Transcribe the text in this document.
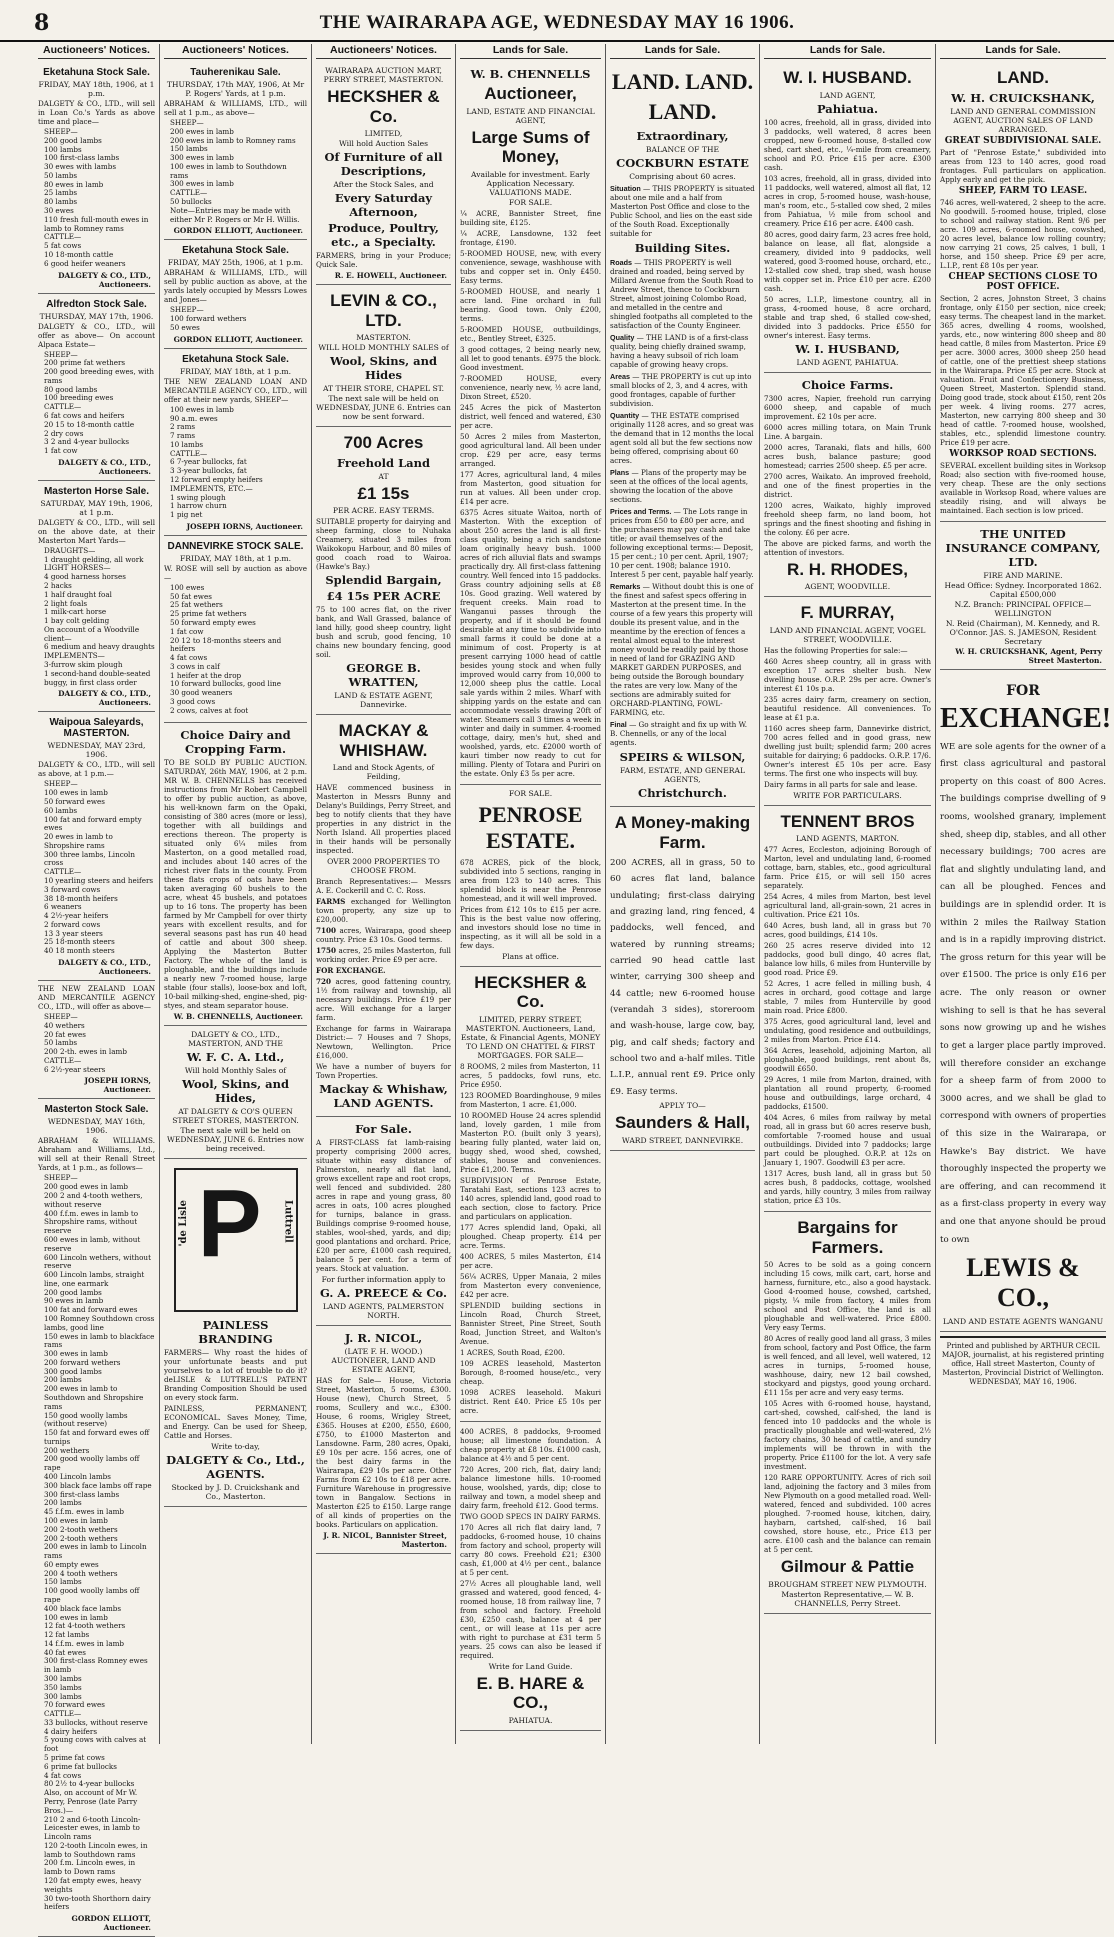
8	THE WAIRARAPA AGE, WEDNESDAY MAY 16 1906.
Auctioneers' Notices.
Eketahuna Stock Sale.
FRIDAY, MAY 18th, 1906, at 1 p.m.
DALGETY & CO., LTD., will sell in Loan Co.'s Yards as above time and place—
SHEEP—
200 good lambs
100 lambs
100 first-class lambs
30 ewes with lambs
50 lambs
80 ewes in lamb
25 lambs
80 lambs
30 ewes
110 fresh full-mouth ewes in lamb to Romney rams
CATTLE—
5 fat cows
10 18-month cattle
6 good heifer weaners
DALGETY & CO., LTD., Auctioneers.
Alfredton Stock Sale.
THURSDAY, MAY 17th, 1906.
DALGETY & CO., LTD., will offer as above— On account Alpaca Estate—
SHEEP—
200 prime fat wethers
200 good breeding ewes, with rams
80 good lambs
100 breeding ewes
CATTLE—
6 fat cows and heifers
20 15 to 18-month cattle
2 dry cows
3 2 and 4-year bullocks
1 fat cow
DALGETY & CO., LTD., Auctioneers.
Masterton Horse Sale.
SATURDAY, MAY 19th, 1906, at 1 p.m.
DALGETY & CO., LTD., will sell on the above date, at their Masterton Mart Yards—
DRAUGHTS—
1 draught gelding, all work
LIGHT HORSES—
4 good harness horses
2 hacks
1 half draught foal
2 light foals
1 milk-cart horse
1 bay colt gelding
On account of a Woodville client—
6 medium and heavy draughts
IMPLEMENTS—
3-furrow skim plough
1 second-hand double-seated buggy, in first class order
DALGETY & CO., LTD., Auctioneers.
Waipoua Saleyards, MASTERTON.
WEDNESDAY, MAY 23rd, 1906.
DALGETY & CO., LTD., will sell as above, at 1 p.m.—
SHEEP—
100 ewes in lamb
50 forward ewes
60 lambs
100 fat and forward empty ewes
20 ewes in lamb to Shropshire rams
300 three lambs, Lincoln cross
CATTLE—
10 yearling steers and heifers
3 forward cows
38 18-month heifers
6 weaners
4 2½-year heifers
2 forward cows
13 3 year steers
25 18-month steers
40 18 month steers
DALGETY & CO., LTD., Auctioneers.
THE NEW ZEALAND LOAN AND MERCANTILE AGENCY CO., LTD., will offer as above—
SHEEP—
40 wethers
20 fat ewes
50 lambs
200 2-th. ewes in lamb
CATTLE—
6 2½-year steers
JOSEPH IORNS, Auctioneer.
Masterton Stock Sale.
WEDNESDAY, MAY 16th, 1906.
ABRAHAM & WILLIAMS. Abraham and Williams, Ltd., will sell at their Renall Street Yards, at 1 p.m., as follows—
SHEEP—
200 good ewes in lamb
200 2 and 4-tooth wethers, without reserve
400 f.f.m. ewes in lamb to Shropshire rams, without reserve
600 ewes in lamb, without reserve
600 Lincoln wethers, without reserve
600 Lincoln lambs, straight line, one earmark
200 good lambs
90 ewes in lamb
100 fat and forward ewes
100 Romney Southdown cross lambs, good line
150 ewes in lamb to blackface rams
300 ewes in lamb
200 forward wethers
300 good lambs
200 lambs
200 ewes in lamb to Southdown and Shropshire rams
150 good woolly lambs (without reserve)
150 fat and forward ewes off turnips
200 wethers
200 good woolly lambs off rape
400 Lincoln lambs
300 black face lambs off rape
300 first-class lambs
200 lambs
45 f.f.m. ewes in lamb
100 ewes in lamb
200 2-tooth wethers
200 2-tooth wethers
200 ewes in lamb to Lincoln rams
60 empty ewes
200 4 tooth wethers
150 lambs
100 good woolly lambs off rape
400 black face lambs
100 ewes in lamb
12 fat 4-tooth wethers
12 fat lambs
14 f.f.m. ewes in lamb
40 fat ewes
300 first-class Romney ewes in lamb
300 lambs
350 lambs
300 lambs
70 forward ewes
CATTLE—
33 bullocks, without reserve
4 dairy heifers
5 young cows with calves at foot
5 prime fat cows
6 prime fat bullocks
4 fat cows
80 2½ to 4-year bullocks
Also, on account of Mr W. Perry, Penrose (late Parry Bros.)—
210 2 and 6-tooth Lincoln-Leicester ewes, in lamb to Lincoln rams
120 2-tooth Lincoln ewes, in lamb to Southdown rams
200 f.m. Lincoln ewes, in lamb to Down rams
120 fat empty ewes, heavy weights
30 two-tooth Shorthorn dairy heifers
GORDON ELLIOTT, Auctioneer.
Auctioneers' Notices.
Tauherenikau Sale.
THURSDAY, 17th MAY, 1906, At Mr P. Rogers' Yards, at 1 p.m.
ABRAHAM & WILLIAMS, LTD., will sell at 1 p.m., as above—
SHEEP—
200 ewes in lamb
200 ewes in lamb to Romney rams
150 lambs
300 ewes in lamb
100 ewes in lamb to Southdown rams
300 ewes in lamb
CATTLE—
50 bullocks
Note—Entries may be made with either Mr P. Rogers or Mr H. Willis.
GORDON ELLIOTT, Auctioneer.
Eketahuna Stock Sale.
FRIDAY, MAY 25th, 1906, at 1 p.m.
ABRAHAM & WILLIAMS, LTD., will sell by public auction as above, at the yards lately occupied by Messrs Lowes and Jones—
SHEEP—
100 forward wethers
50 ewes
GORDON ELLIOTT, Auctioneer.
Eketahuna Stock Sale.
FRIDAY, MAY 18th, at 1 p.m.
THE NEW ZEALAND LOAN AND MERCANTILE AGENCY CO., LTD., will offer at their new yards, SHEEP—
100 ewes in lamb
90 a.m. ewes
2 rams
7 rams
10 lambs
CATTLE—
6 7-year bullocks, fat
3 3-year bullocks, fat
12 forward empty heifers
IMPLEMENTS, ETC.—
1 swing plough
1 harrow churn
1 pig net
JOSEPH IORNS, Auctioneer.
DANNEVIRKE STOCK SALE.
FRIDAY, MAY 18th, at 1 p.m.
W. ROSE will sell by auction as above—
100 ewes
50 fat ewes
25 fat wethers
25 prime fat wethers
50 forward empty ewes
1 fat cow
20 12 to 18-months steers and heifers
4 fat cows
3 cows in calf
1 heifer at the drop
10 forward bullocks, good line
30 good weaners
3 good cows
2 cows, calves at foot
Choice Dairy and Cropping Farm.
TO BE SOLD BY PUBLIC AUCTION. SATURDAY, 26th MAY, 1906, at 2 p.m. MR W. B. CHENNELLS has received instructions from Mr Robert Campbell to offer by public auction, as above, his well-known farm on the Opaki, consisting of 380 acres (more or less), together with all buildings and erections thereon. The property is situated only 6¼ miles from Masterton, on a good metalled road, and includes about 140 acres of the richest river flats in the county. From these flats crops of oats have been taken averaging 60 bushels to the acre, wheat 45 bushels, and potatoes up to 16 tons. The property has been farmed by Mr Campbell for over thirty years with excellent results, and for several seasons past has run 40 head of cattle and about 300 sheep. Applying the Masterton Butter Factory. The whole of the land is ploughable, and the buildings include a nearly new 7-roomed house, large stable (four stalls), loose-box and loft, 10-bail milking-shed, engine-shed, pig-styes, and steam separator house.
W. B. CHENNELLS, Auctioneer.
DALGETY & CO., LTD., MASTERTON, AND THE
W. F. C. A. Ltd.,
Will hold Monthly Sales of
Wool, Skins, and Hides,
AT DALGETY & CO'S QUEEN STREET STORES, MASTERTON.
The next sale will be held on WEDNESDAY, JUNE 6. Entries now being received.
'de Lisle P Luttrell
PAINLESS BRANDING
FARMERS— Why roast the hides of your unfortunate beasts and put yourselves to a lot of trouble to do it? deLISLE & LUTTRELL'S PATENT Branding Composition Should be used on every stock farm.
PAINLESS, PERMANENT, ECONOMICAL. Saves Money, Time, and Energy. Can be used for Sheep, Cattle and Horses.
Write to-day,
DALGETY & Co., Ltd., AGENTS.
Stocked by J. D. Cruickshank and Co., Masterton.
Auctioneers' Notices.
WAIRARAPA AUCTION MART, PERRY STREET, MASTERTON.
HECKSHER & Co.
LIMITED,
Will hold Auction Sales
Of Furniture of all Descriptions,
After the Stock Sales, and
Every Saturday Afternoon,
Produce, Poultry, etc., a Specialty.
FARMERS, bring in your Produce; Quick Sale.
R. E. HOWELL, Auctioneer.
LEVIN & CO., LTD.
MASTERTON.
WILL HOLD MONTHLY SALES of
Wool, Skins, and Hides
AT THEIR STORE, CHAPEL ST.
The next sale will be held on WEDNESDAY, JUNE 6. Entries can now be sent forward.
700 Acres
Freehold Land
AT
£1 15s
PER ACRE. EASY TERMS.
SUITABLE property for dairying and sheep farming, close to Nuhaka Creamery, situated 3 miles from Waikokopu Harbour, and 80 miles of good coach road to Wairoa. (Hawke's Bay.)
Splendid Bargain,
£4 15s PER ACRE
75 to 100 acres flat, on the river bank, and Wall Grassed, balance of land hilly, good sheep country, light bush and scrub, good fencing, 10 chains new boundary fencing, good soil.
GEORGE B. WRATTEN,
LAND & ESTATE AGENT, Dannevirke.
MACKAY & WHISHAW.
Land and Stock Agents, of Feilding,
HAVE commenced business in Masterton in Messrs Bunny and Delany's Buildings, Perry Street, and beg to notify clients that they have properties in any district in the North Island. All properties placed in their hands will be personally inspected.
OVER 2000 PROPERTIES TO CHOOSE FROM.
Branch Representatives:— Messrs A. E. Cockerill and C. C. Ross.
FARMS exchanged for Wellington town property, any size up to £20,000.
7100 acres, Wairarapa, good sheep country. Price £3 10s. Good terms.
1750 acres, 25 miles Masterton, full working order. Price £9 per acre.
FOR EXCHANGE.
720 acres, good fattening country, 1½ from railway and township, all necessary buildings. Price £19 per acre. Will exchange for a larger farm.
Exchange for farms in Wairarapa District:— 7 Houses and 7 Shops, Newtown, Wellington. Price £16,000.
We have a number of buyers for Town Properties.
Mackay & Whishaw, LAND AGENTS.
For Sale.
A FIRST-CLASS fat lamb-raising property comprising 2000 acres, situate within easy distance of Palmerston, nearly all flat land, grows excellent rape and root crops, well fenced and subdivided. 280 acres in rape and young grass, 80 acres in oats, 100 acres ploughed for turnips, balance in grass. Buildings comprise 9-roomed house, stables, wool-shed, yards, and dip; good plantations and orchard. Price, £20 per acre, £1000 cash required, balance 5 per cent. for a term of years. Stock at valuation.
For further information apply to
G. A. PREECE & Co.
LAND AGENTS, PALMERSTON NORTH.
J. R. NICOL,
(LATE F. H. WOOD.) AUCTIONEER, LAND AND ESTATE AGENT,
HAS for Sale— House, Victoria Street, Masterton, 5 rooms, £300. House (new), Church Street, 5 rooms, Scullery and w.c., £300. House, 6 rooms, Wrigley Street, £365. Houses at £200, £550, £600, £750, to £1000 Masterton and Lansdowne. Farm, 280 acres, Opaki, £9 10s per acre. 156 acres, one of the best dairy farms in the Wairarapa, £29 10s per acre. Other Farms from £2 10s to £18 per acre. Furniture Warehouse in progressive town in Bangalow. Sections in Masterton £25 to £150. Large range of all kinds of properties on the books. Particulars on application.
J. R. NICOL, Bannister Street, Masterton.
Lands for Sale.
W. B. CHENNELLS
Auctioneer,
LAND, ESTATE AND FINANCIAL AGENT,
Large Sums of Money,
Available for investment. Early Application Necessary. VALUATIONS MADE.
FOR SALE.
¼ ACRE, Bannister Street, fine building site, £125.
¼ ACRE, Lansdowne, 132 feet frontage, £190.
5-ROOMED HOUSE, new, with every convenience, sewage, washhouse with tubs and copper set in. Only £450. Easy terms.
5-ROOMED HOUSE, and nearly 1 acre land. Fine orchard in full bearing. Good town. Only £200, terms.
5-ROOMED HOUSE, outbuildings, etc., Bentley Street, £325.
3 good cottages, 2 being nearly new, all let to good tenants. £975 the block. Good investment.
7-ROOMED HOUSE, every convenience, nearly new, ½ acre land, Dixon Street, £520.
245 Acres the pick of Masterton district, well fenced and watered, £30 per acre.
50 Acres 2 miles from Masterton, good agricultural land. All been under crop. £29 per acre, easy terms arranged.
177 Acres, agricultural land, 4 miles from Masterton, good situation for run at values. All been under crop. £14 per acre.
6375 Acres situate Waitoa, north of Masterton. With the exception of about 250 acres the land is all first-class quality, being a rich sandstone loam originally heavy bush. 1000 acres of rich alluvial flats and swamps practically dry. All first-class fattening country. Well fenced into 15 paddocks. Grass country adjoining sells at £8 10s. Good grazing. Well watered by frequent creeks. Main road to Wanganui passes through the property, and if it should be found desirable at any time to subdivide into small farms it could be done at a minimum of cost. Property is at present carrying 1000 head of cattle besides young stock and when fully improved would carry from 10,000 to 12,000 sheep plus the cattle. Local sale yards within 2 miles. Wharf with shipping yards on the estate and can accommodate vessels drawing 20ft of water. Steamers call 3 times a week in winter and daily in summer. 4-roomed cottage, dairy, men's hut, shed and woolshed, yards, etc. £2000 worth of kauri timber now ready to cut for milling. Plenty of Totara and Puriri on the estate. Only £3 5s per acre.
FOR SALE.
PENROSE ESTATE.
678 ACRES, pick of the block, subdivided into 5 sections, ranging in area from 123 to 140 acres. This splendid block is near the Penrose homestead, and it will well improved.
Prices from £12 10s to £15 per acre. This is the best value now offering, and investors should lose no time in inspecting, as it will all be sold in a few days.
Plans at office.
HECKSHER & Co.
LIMITED, PERRY STREET, MASTERTON. Auctioneers, Land, Estate, & Financial Agents, MONEY TO LEND ON CHATTEL & FIRST MORTGAGES. FOR SALE—
8 ROOMS, 2 miles from Masterton, 11 acres, 5 paddocks, fowl runs, etc. Price £950.
123 ROOMED Boardinghouse, 9 miles from Masterton, 1 acre. £1,000.
10 ROOMED House 24 acres splendid land, lovely garden, 1 mile from Masterton P.O. (built only 3 years), bearing fully planted, water laid on, buggy shed, wood shed, cowshed, stables, house and conveniences. Price £1,200. Terms.
SUBDIVISION of Penrose Estate, Taratahi East, sections 123 acres to 140 acres, splendid land, good road to each section, close to factory. Price and particulars on application.
177 Acres splendid land, Opaki, all ploughed. Cheap property. £14 per acre. Terms.
400 ACRES, 5 miles Masterton, £14 per acre.
56¼ ACRES, Upper Manaia, 2 miles from Masterton every convenience, £42 per acre.
SPLENDID building sections in Lincoln Road, Church Street, Bannister Street, Pine Street, South Road, Junction Street, and Walton's Avenue.
1 ACRES, South Road, £200.
109 ACRES leasehold, Masterton Borough, 8-roomed house/etc., very cheap.
1098 ACRES leasehold. Makuri district. Rent £40. Price £5 10s per acre.
400 ACRES, 8 paddocks, 9-roomed house; all limestone foundation. A cheap property at £8 10s. £1000 cash, balance at 4½ and 5 per cent.
720 Acres, 200 rich, flat, dairy land; balance limestone hills. 10-roomed house, woolshed, yards, dip; close to railway and town, a model sheep and dairy farm, freehold £12. Good terms.
TWO GOOD SPECS IN DAIRY FARMS.
170 Acres all rich flat dairy land, 7 paddocks, 6-roomed house, 10 chains from factory and school, property will carry 80 cows. Freehold £21; £300 cash, £1,000 at 4½ per cent., balance at 5 per cent.
27½ Acres all ploughable land, well grassed and watered, good fenced, 4-roomed house, 18 from railway line, 7 from school and factory. Freehold £30, £250 cash, balance at 4 per cent., or will lease at 11s per acre with right to purchase at £31 term 5 years. 25 cows can also be leased if required.
Write for Land Guide.
E. B. HARE & CO.,
PAHIATUA.
Lands for Sale.
LAND. LAND.
LAND.
Extraordinary,
BALANCE OF THE
COCKBURN ESTATE
Comprising about 60 acres.
Situation — THIS PROPERTY is situated about one mile and a half from Masterton Post Office and close to the Public School, and lies on the east side of the South Road. Exceptionally suitable for
Building Sites.
Roads — THIS PROPERTY is well drained and roaded, being served by Millard Avenue from the South Road to Andrew Street, thence to Cockburn Street, almost joining Colombo Road, and metalled in the centre and shingled footpaths all completed to the satisfaction of the County Engineer.
Quality — THE LAND is of a first-class quality, being chiefly drained swamp, having a heavy subsoil of rich loam capable of growing heavy crops.
Areas — THE PROPERTY is cut up into small blocks of 2, 3, and 4 acres, with good frontages, capable of further subdivision.
Quantity — THE ESTATE comprised originally 1128 acres, and so great was the demand that in 12 months the local agent sold all but the few sections now being offered, comprising about 60 acres.
Plans — Plans of the property may be seen at the offices of the local agents, showing the location of the above sections.
Prices and Terms. — The Lots range in prices from £50 to £80 per acre, and the purchasers may pay cash and take title; or avail themselves of the following exceptional terms:— Deposit, 15 per cent.; 10 per cent. April, 1907; 10 per cent. 1908; balance 1910. Interest 5 per cent, payable half yearly.
Remarks — Without doubt this is one of the finest and safest specs offering in Masterton at the present time. In the course of a few years this property will double its present value, and in the meantime by the erection of fences a rental almost equal to the interest money would be readily paid by those in need of land for GRAZING AND MARKET GARDEN PURPOSES, and being outside the Borough boundary the rates are very low. Many of the sections are admirably suited for ORCHARD-PLANTING, FOWL-FARMING, etc.
Final — Go straight and fix up with W. B. Chennells, or any of the local agents.
SPEIRS & WILSON,
FARM, ESTATE, AND GENERAL AGENTS,
Christchurch.
A Money-making Farm.
200 ACRES, all in grass, 50 to 60 acres flat land, balance undulating; first-class dairying and grazing land, ring fenced, 4 paddocks, well fenced, and watered by running streams; carried 90 head cattle last winter, carrying 300 sheep and 44 cattle; new 6-roomed house (verandah 3 sides), storeroom and wash-house, large cow, bay, pig, and calf sheds; factory and school two and a-half miles. Title L.I.P., annual rent £9. Price only £9. Easy terms.
APPLY TO—
Saunders & Hall,
WARD STREET, DANNEVIRKE.
Lands for Sale.
W. I. HUSBAND.
LAND AGENT,
Pahiatua.
100 acres, freehold, all in grass, divided into 3 paddocks, well watered, 8 acres been cropped, new 6-roomed house, 8-stalled cow shed, cart shed, etc., ¼-mile from creamery, school and P.O. Price £15 per acre. £300 cash.
103 acres, freehold, all in grass, divided into 11 paddocks, well watered, almost all flat, 12 acres in crop, 5-roomed house, wash-house, man's room, etc., 5-stalled cow shed, 2 miles from Pahiatua, ½ mile from school and creamery. Price £16 per acre. £400 cash.
80 acres, good dairy farm, 23 acres free hold, balance on lease, all flat, alongside a creamery, divided into 9 paddocks, well watered, good 3-roomed house, orchard, etc., 12-stalled cow shed, trap shed, wash house with copper set in. Price £10 per acre. £200 cash.
50 acres, L.I.P., limestone country, all in grass, 4-roomed house, 8 acre orchard, stable and trap shed, 6 stalled cow-shed, divided into 3 paddocks. Price £550 for owner's interest. Easy terms.
W. I. HUSBAND,
LAND AGENT, PAHIATUA.
Choice Farms.
7300 acres, Napier, freehold run carrying 6000 sheep, and capable of much improvement. £2 10s per acre.
6000 acres milling totara, on Main Trunk Line. A bargain.
2000 acres, Taranaki, flats and hills, 600 acres bush, balance pasture; good homestead; carries 2500 sheep. £5 per acre.
2700 acres, Waikato. An improved freehold, and one of the finest properties in the district.
1200 acres, Waikato, highly improved freehold sheep farm, no land boom, hot springs and the finest shooting and fishing in the colony. £6 per acre.
The above are picked farms, and worth the attention of investors.
R. H. RHODES,
AGENT, WOODVILLE.
F. MURRAY,
LAND AND FINANCIAL AGENT, VOGEL STREET, WOODVILLE.
Has the following Properties for sale:—
460 Acres sheep country, all in grass with exception 17 acres shelter bush. New dwelling house. O.R.P. 29s per acre. Owner's interest £1 10s p.a.
235 acres dairy farm, creamery on section, beautiful residence. All conveniences. To lease at £1 p.a.
1160 acres sheep farm, Dannevirke district, 700 acres felled and in good grass, new dwelling just built; splendid farm; 200 acres suitable for dairying; 6 paddocks. O.R.P. 17/6. Owner's interest £5 10s per acre. Easy terms. The first one who inspects will buy.
Dairy farms in all parts for sale and lease.
WRITE FOR PARTICULARS.
TENNENT BROS
LAND AGENTS, MARTON.
477 Acres, Eccleston, adjoining Borough of Marton, level and undulating land, 6-roomed cottage, barn, stables, etc., good agricultural farm. Price £15, or will sell 150 acres separately.
254 Acres, 4 miles from Marton, best level agricultural land, all-grain-sown, 21 acres in cultivation. Price £21 10s.
640 Acres, bush land, all in grass but 70 acres, good buildings, £14 10s.
260 25 acres reserve divided into 12 paddocks, good bull dingo, 40 acres flat, balance low hills, 6 miles from Hunterville by good road. Price £9.
52 Acres, 1 acre felled in milling bush, 4 acres in orchard, good cottage and large stable, 7 miles from Hunterville by good main road. Price £800.
375 Acres, good agricultural land, level and undulating, good residence and outbuildings, 2 miles from Marton. Price £14.
364 Acres, leasehold, adjoining Marton, all ploughable, good buildings, rent about 8s, goodwill £650.
29 Acres, 1 mile from Marton, drained, with plantation all round property, 6-roomed house and outbuildings, large orchard, 4 paddocks, £1500.
404 Acres, 6 miles from railway by metal road, all in grass but 60 acres reserve bush, comfortable 7-roomed house and usual outbuildings. Divided into 7 paddocks; large part could be ploughed. O.R.P. at 12s on January 1, 1907. Goodwill £3 per acre.
1317 Acres, bush land, all in grass but 50 acres bush, 8 paddocks, cottage, woolshed and yards, hilly country, 3 miles from railway station, price £3 10s.
Bargains for Farmers.
50 Acres to be sold as a going concern including 15 cows, milk cart, cart, horse and harness, furniture, etc., also a good haystack. Good 4-roomed house, cowshed, cartshed, pigsty, ¼ mile from factory, 4 miles from school and Post Office, the land is all ploughable and well-watered. Price £800. Very easy Terms.
80 Acres of really good land all grass, 3 miles from school, factory and Post Office, the farm is well fenced, and all level, well watered, 12 acres in turnips, 5-roomed house, washhouse, dairy, new 12 bail cowshed, stockyard and pigstys, good young orchard. £11 15s per acre and very easy terms.
105 Acres with 6-roomed house, haystand, cart-shed, cowshed, calf-shed, the land is fenced into 10 paddocks and the whole is practically ploughable and well-watered, 2½ factory chains, 30 head of cattle, and sundry implements will be thrown in with the property. Price £1100 for the lot. A very safe investment.
120 RARE OPPORTUNITY. Acres of rich soil land, adjoining the factory and 3 miles from New Plymouth on a good metalled road. Well-watered, fenced and subdivided. 100 acres ploughed. 7-roomed house, kitchen, dairy, haybarn, cartshed, calf-shed, 16 bail cowshed, store house, etc., Price £13 per acre. £100 cash and the balance can remain at 5 per cent.
Gilmour & Pattie
BROUGHAM STREET NEW PLYMOUTH.
Masterton Representative,— W. B. CHANNELLS, Perry Street.
Lands for Sale.
LAND.
W. H. CRUICKSHANK,
LAND AND GENERAL COMMISSION AGENT, AUCTION SALES OF LAND ARRANGED.
GREAT SUBDIVISIONAL SALE.
Part of "Penrose Estate," subdivided into areas from 123 to 140 acres, good road frontages. Full particulars on application. Apply early and get the pick.
SHEEP, FARM TO LEASE.
746 acres, well-watered, 2 sheep to the acre. No goodwill. 5-roomed house, tripled, close to school and railway station. Rent 9/6 per acre. 109 acres, 6-roomed house, cowshed, 20 acres level, balance low rolling country; now carrying 21 cows, 25 calves, 1 bull, 1 horse, and 150 sheep. Price £9 per acre, L.I.P., rent £8 10s per year.
CHEAP SECTIONS CLOSE TO POST OFFICE.
Section, 2 acres, Johnston Street, 3 chains frontage, only £150 per section, nice creek; easy terms. The cheapest land in the market. 365 acres, dwelling 4 rooms, woolshed, yards, etc., now wintering 800 sheep and 80 head cattle, 8 miles from Masterton. Price £9 per acre. 3000 acres, 3000 sheep 250 head of cattle, one of the prettiest sheep stations in the Wairarapa. Price £5 per acre. Stock at valuation. Fruit and Confectionery Business, Queen Street, Masterton. Splendid stand. Doing good trade, stock about £150, rent 20s per week. 4 living rooms. 277 acres, Masterton, new carrying 800 sheep and 30 head of cattle. 7-roomed house, woolshed, stables, etc., splendid limestone country. Price £19 per acre.
WORKSOP ROAD SECTIONS.
SEVERAL excellent building sites in Worksop Road; also section with five-roomed house, very cheap. These are the only sections available in Worksop Road, where values are steadily rising, and will always be maintained. Each section is low priced.
THE UNITED INSURANCE COMPANY, LTD.
FIRE AND MARINE.
Head Office: Sydney. Incorporated 1862. Capital £500,000
N.Z. Branch: PRINCIPAL OFFICE—WELLINGTON
N. Reid (Chairman), M. Kennedy, and R. O'Connor. JAS. S. JAMESON, Resident Secretary
W. H. CRUICKSHANK, Agent, Perry Street Masterton.
FOR
EXCHANGE!
WE are sole agents for the owner of a first class agricultural and pastoral property on this coast of 800 Acres. The buildings comprise dwelling of 9 rooms, woolshed granary, implement shed, sheep dip, stables, and all other necessary buildings; 700 acres are flat and slightly undulating land, and can all be ploughed. Fences and buildings are in splendid order. It is within 2 miles the Railway Station and is in a rapidly improving district. The gross return for this year will be over £1500. The price is only £16 per acre. The only reason or owner wishing to sell is that he has several sons now growing up and he wishes to get a larger place partly improved. will therefore consider an exchange for a sheep farm of from 2000 to 3000 acres, and we shall be glad to correspond with owners of properties of this size in the Wairarapa, or Hawke's Bay district. We have thoroughly inspected the property we are offering, and can recommend it as a first-class property in every way and one that anyone should be proud to own
LEWIS & CO.,
LAND AND ESTATE AGENTS WANGANU
Printed and published by ARTHUR CECIL MAJOR, journalist, at his registered printing office, Hall street Masterton, County of Masterton, Provincial District of Wellington. WEDNESDAY, MAY 16, 1906.
